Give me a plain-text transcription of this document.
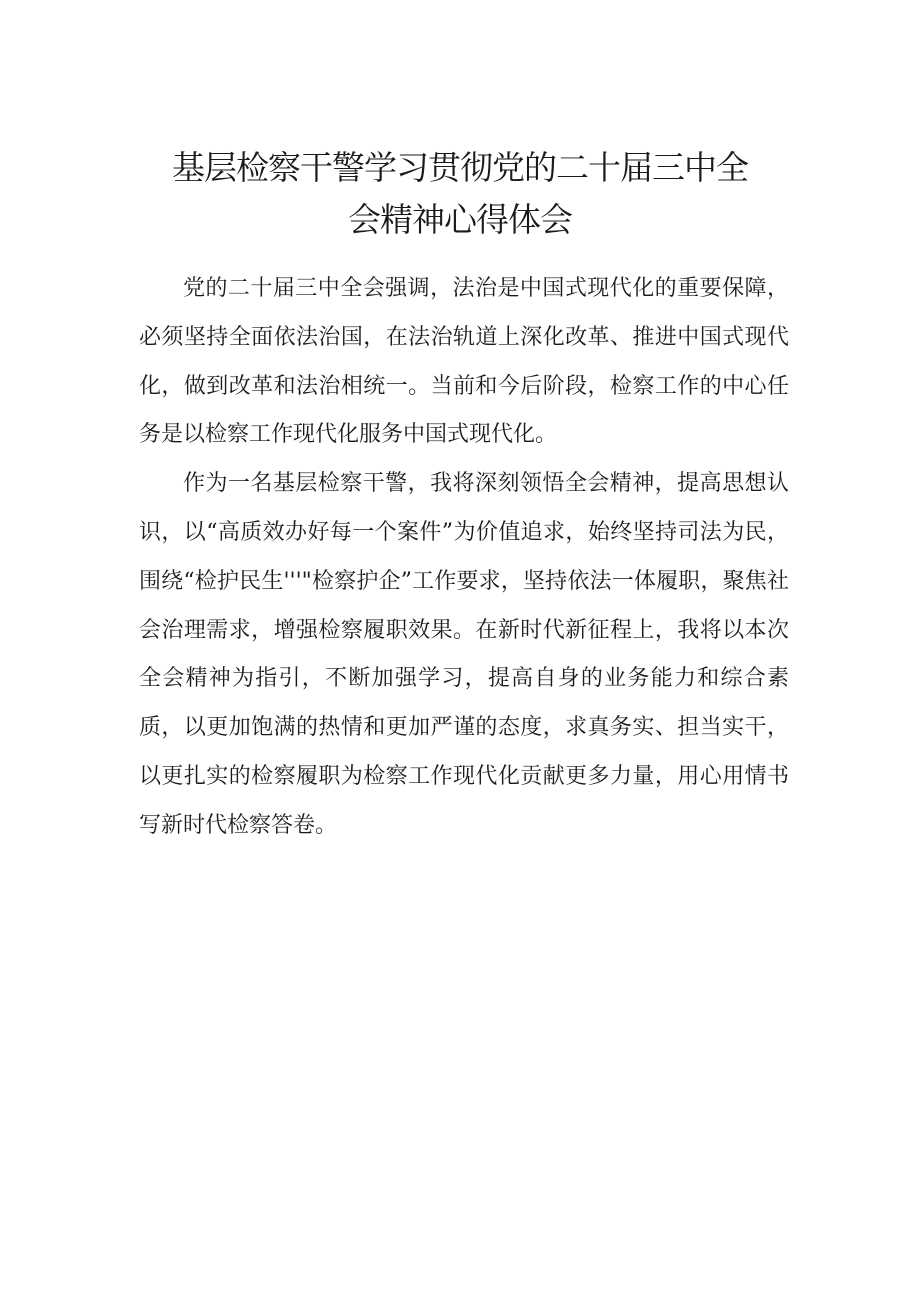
基层检察干警学习贯彻党的二十届三中全
会精神心得体会

党的二十届三中全会强调，法治是中国式现代化的重要保障，必须坚持全面依法治国，在法治轨道上深化改革、推进中国式现代化，做到改革和法治相统一。当前和今后阶段，检察工作的中心任务是以检察工作现代化服务中国式现代化。

作为一名基层检察干警，我将深刻领悟全会精神，提高思想认识，以“高质效办好每一个案件”为价值追求，始终坚持司法为民，围绕“检护民生'''"检察护企”工作要求，坚持依法一体履职，聚焦社会治理需求，增强检察履职效果。在新时代新征程上，我将以本次全会精神为指引，不断加强学习，提高自身的业务能力和综合素质，以更加饱满的热情和更加严谨的态度，求真务实、担当实干，以更扎实的检察履职为检察工作现代化贡献更多力量，用心用情书写新时代检察答卷。
